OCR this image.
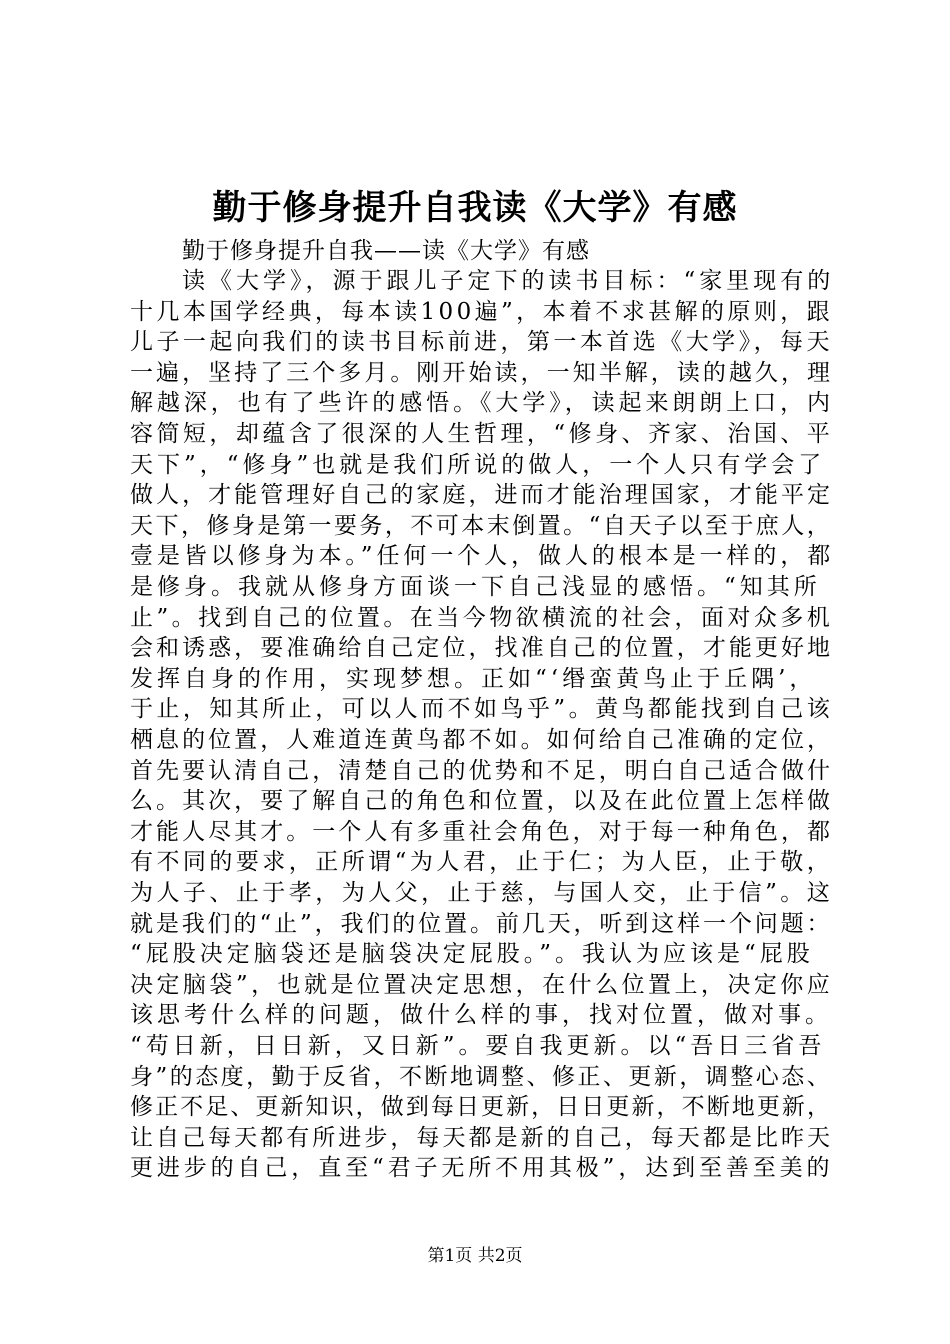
勤于修身提升自我读《大学》有感
勤于修身提升自我——读《大学》有感
读《大学》，源于跟儿子定下的读书目标：“家里现有的
十几本国学经典，每本读100遍”，本着不求甚解的原则，跟
儿子一起向我们的读书目标前进，第一本首选《大学》，每天
一遍，坚持了三个多月。刚开始读，一知半解，读的越久，理
解越深，也有了些许的感悟。《大学》，读起来朗朗上口，内
容简短，却蕴含了很深的人生哲理，“修身、齐家、治国、平
天下”，“修身”也就是我们所说的做人，一个人只有学会了
做人，才能管理好自己的家庭，进而才能治理国家，才能平定
天下，修身是第一要务，不可本末倒置。“自天子以至于庶人，
壹是皆以修身为本。”任何一个人，做人的根本是一样的，都
是修身。我就从修身方面谈一下自己浅显的感悟。“知其所
止”。找到自己的位置。在当今物欲横流的社会，面对众多机
会和诱惑，要准确给自己定位，找准自己的位置，才能更好地
发挥自身的作用，实现梦想。正如“‘缗蛮黄鸟止于丘隅’，
于止，知其所止，可以人而不如鸟乎”。黄鸟都能找到自己该
栖息的位置，人难道连黄鸟都不如。如何给自己准确的定位，
首先要认清自己，清楚自己的优势和不足，明白自己适合做什
么。其次，要了解自己的角色和位置，以及在此位置上怎样做
才能人尽其才。一个人有多重社会角色，对于每一种角色，都
有不同的要求，正所谓“为人君，止于仁；为人臣，止于敬，
为人子、止于孝，为人父，止于慈，与国人交，止于信”。这
就是我们的“止”，我们的位置。前几天，听到这样一个问题：
“屁股决定脑袋还是脑袋决定屁股。”。我认为应该是“屁股
决定脑袋”，也就是位置决定思想，在什么位置上，决定你应
该思考什么样的问题，做什么样的事，找对位置，做对事。
“苟日新，日日新，又日新”。要自我更新。以“吾日三省吾
身”的态度，勤于反省，不断地调整、修正、更新，调整心态、
修正不足、更新知识，做到每日更新，日日更新，不断地更新，
让自己每天都有所进步，每天都是新的自己，每天都是比昨天
更进步的自己，直至“君子无所不用其极”，达到至善至美的
第1页 共2页
